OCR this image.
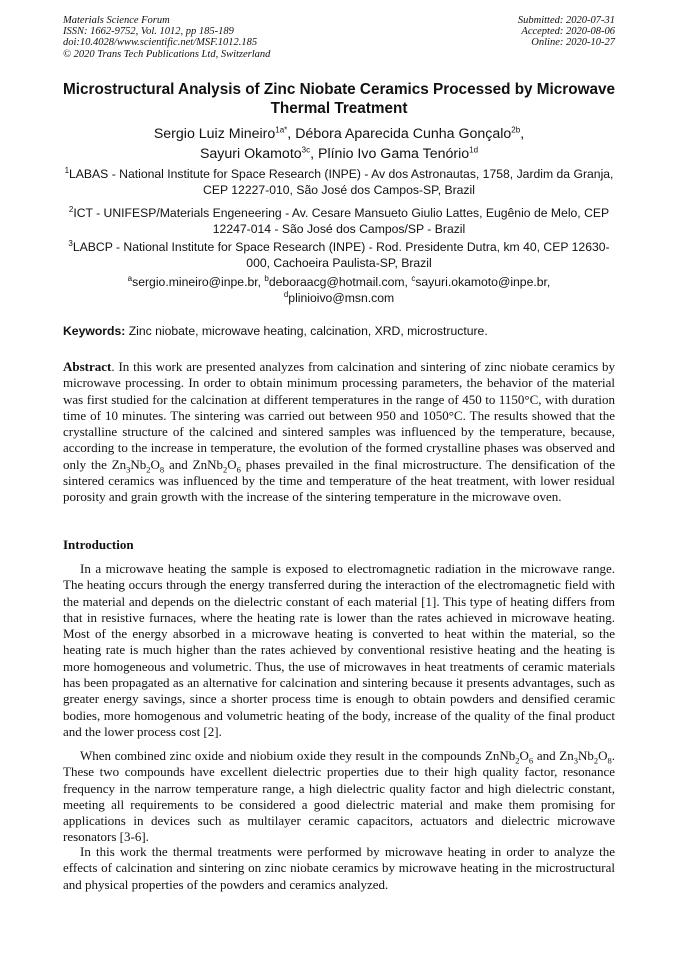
Materials Science Forum
ISSN: 1662-9752, Vol. 1012, pp 185-189
doi:10.4028/www.scientific.net/MSF.1012.185
© 2020 Trans Tech Publications Ltd, Switzerland
Submitted: 2020-07-31
Accepted: 2020-08-06
Online: 2020-10-27
Microstructural Analysis of Zinc Niobate Ceramics Processed by Microwave Thermal Treatment
Sergio Luiz Mineiro$^{1a*}$, Débora Aparecida Cunha Gonçalo$^{2b}$,
Sayuri Okamoto$^{3c}$, Plínio Ivo Gama Tenório$^{1d}$
$^1$LABAS - National Institute for Space Research (INPE) - Av dos Astronautas, 1758, Jardim da Granja, CEP 12227-010, São José dos Campos-SP, Brazil
$^2$ICT - UNIFESP/Materials Engeneering - Av. Cesare Mansueto Giulio Lattes, Eugênio de Melo, CEP 12247-014 - São José dos Campos/SP - Brazil
$^3$LABCP - National Institute for Space Research (INPE) - Rod. Presidente Dutra, km 40, CEP 12630-000, Cachoeira Paulista-SP, Brazil
$^a$sergio.mineiro@inpe.br, $^b$deboraacg@hotmail.com, $^c$sayuri.okamoto@inpe.br,
$^d$plinioivo@msn.com
Keywords: Zinc niobate, microwave heating, calcination, XRD, microstructure.
Abstract. In this work are presented analyzes from calcination and sintering of zinc niobate ceramics by microwave processing. In order to obtain minimum processing parameters, the behavior of the material was first studied for the calcination at different temperatures in the range of 450 to 1150°C, with duration time of 10 minutes. The sintering was carried out between 950 and 1050°C. The results showed that the crystalline structure of the calcined and sintered samples was influenced by the temperature, because, according to the increase in temperature, the evolution of the formed crystalline phases was observed and only the $Zn_3Nb_2O_8$ and $ZnNb_2O_6$ phases prevailed in the final microstructure. The densification of the sintered ceramics was influenced by the time and temperature of the heat treatment, with lower residual porosity and grain growth with the increase of the sintering temperature in the microwave oven.
Introduction
In a microwave heating the sample is exposed to electromagnetic radiation in the microwave range. The heating occurs through the energy transferred during the interaction of the electromagnetic field with the material and depends on the dielectric constant of each material [1]. This type of heating differs from that in resistive furnaces, where the heating rate is lower than the rates achieved in microwave heating. Most of the energy absorbed in a microwave heating is converted to heat within the material, so the heating rate is much higher than the rates achieved by conventional resistive heating and the heating is more homogeneous and volumetric. Thus, the use of microwaves in heat treatments of ceramic materials has been propagated as an alternative for calcination and sintering because it presents advantages, such as greater energy savings, since a shorter process time is enough to obtain powders and densified ceramic bodies, more homogenous and volumetric heating of the body, increase of the quality of the final product and the lower process cost [2].
When combined zinc oxide and niobium oxide they result in the compounds $ZnNb_2O_6$ and $Zn_3Nb_2O_8$. These two compounds have excellent dielectric properties due to their high quality factor, resonance frequency in the narrow temperature range, a high dielectric quality factor and high dielectric constant, meeting all requirements to be considered a good dielectric material and make them promising for applications in devices such as multilayer ceramic capacitors, actuators and dielectric microwave resonators [3-6].
In this work the thermal treatments were performed by microwave heating in order to analyze the effects of calcination and sintering on zinc niobate ceramics by microwave heating in the microstructural and physical properties of the powders and ceramics analyzed.
